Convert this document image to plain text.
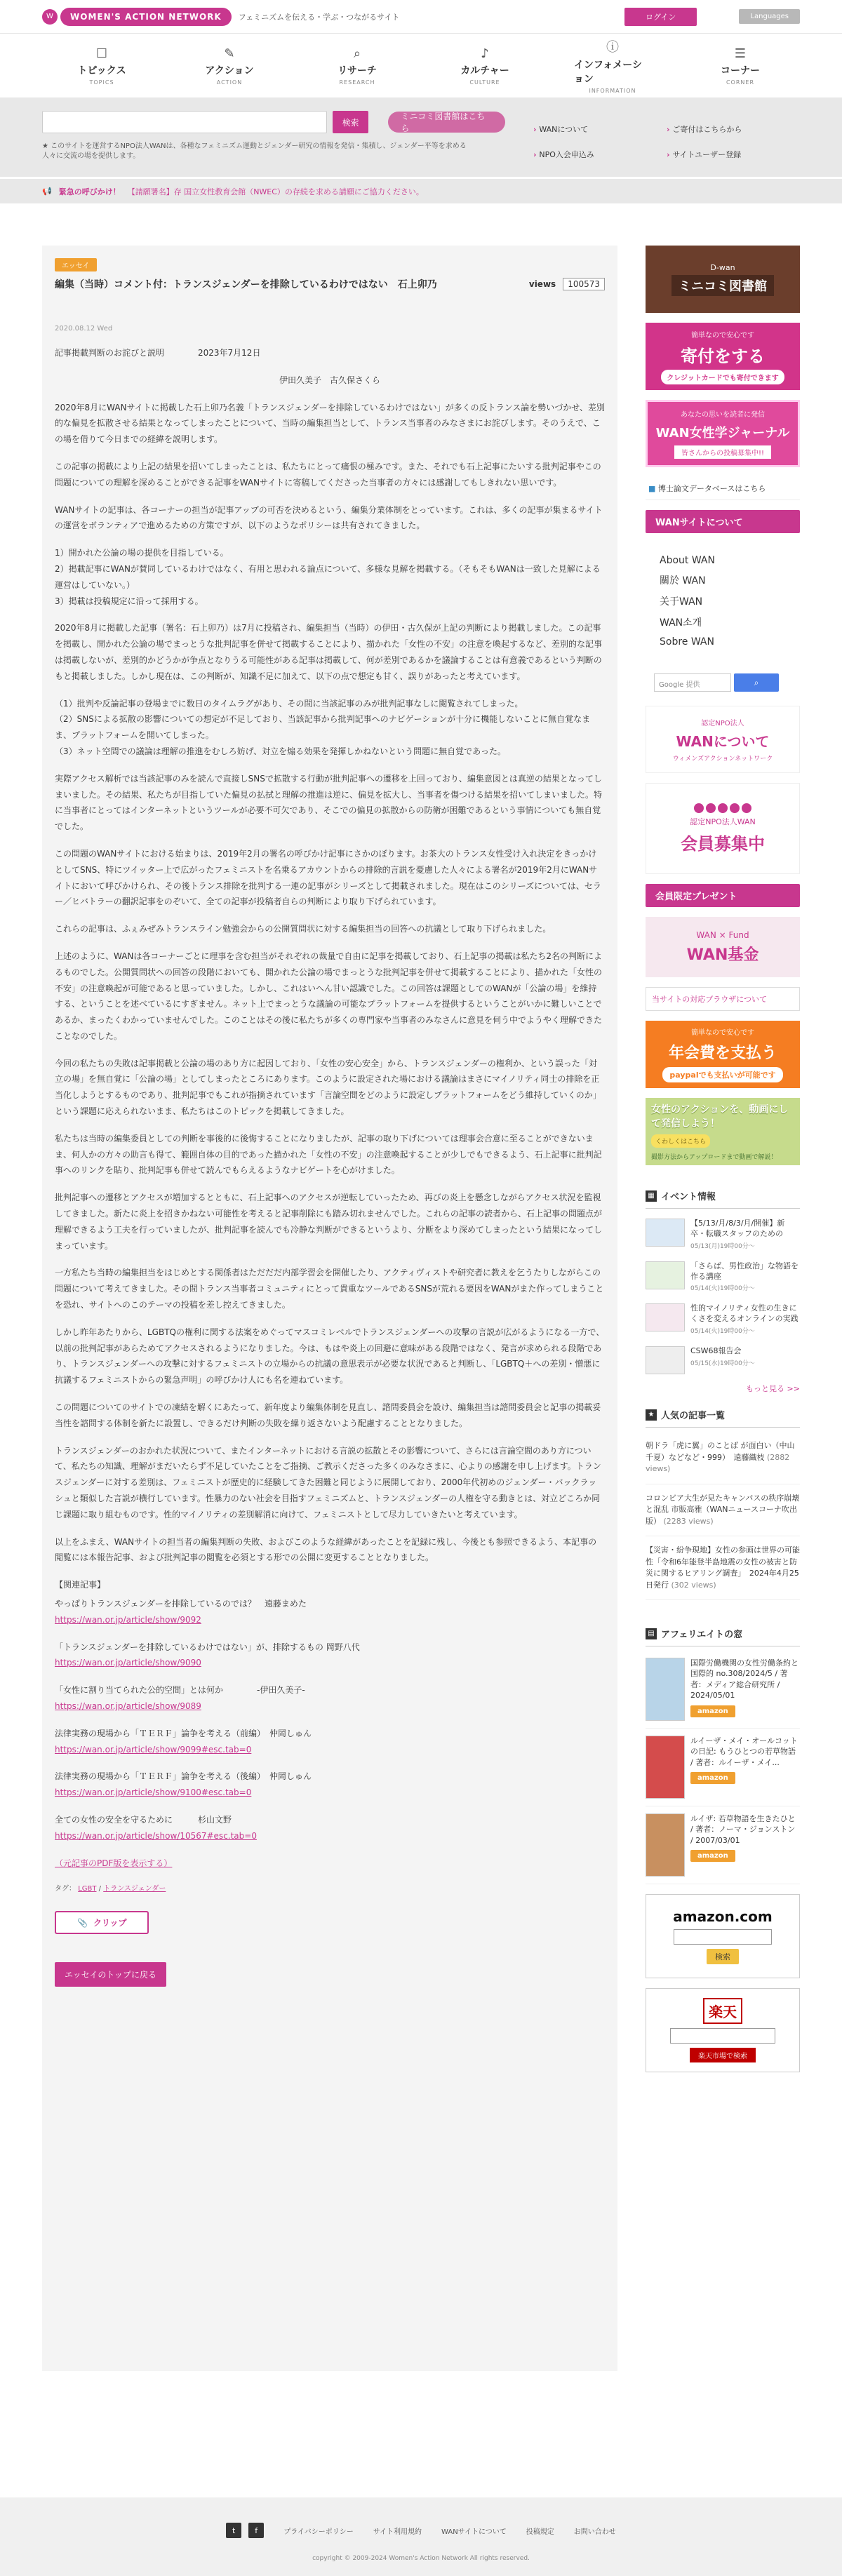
W	WOMEN'S ACTION NETWORK	フェミニズムを伝える・学ぶ・つながるサイト	ログイン	Languages
☐
トピックス
TOPICS
✎
アクション
ACTION
⌕
リサーチ
RESEARCH
♪
カルチャー
CULTURE
ⓘ
インフォメーション
INFORMATION
☰
コーナー
CORNER
検索
ミニコミ図書館はこちら
★ このサイトを運営するNPO法人WANは、各種なフェミニズム運動とジェンダー研究の情報を発信・集積し、ジェンダー平等を求める人々に交流の場を提供します。
› WANについて	› ご寄付はこちらから
› NPO入会申込み	› サイトユーザー登録
📢 緊急の呼びかけ！ 【請願署名】存 国立女性教育会館（NWEC）の存続を求める請願にご協力ください。
エッセイ
編集（当時）コメント付：トランスジェンダーを排除しているわけではない　石上卯乃	views	100573
2020.08.12 Wed

記事掲載判断のお詫びと説明　　　　2023年7月12日

伊田久美子　古久保さくら

2020年8月にWANサイトに掲載した石上卯乃名義「トランスジェンダーを排除しているわけではない」が多くの反トランス論を勢いづかせ、差別的な偏見を拡散させる結果となってしまったことについて、当時の編集担当として、トランス当事者のみなさまにお詫びします。そのうえで、この場を借りて今日までの経緯を説明します。

この記事の掲載により上記の結果を招いてしまったことは、私たちにとって痛恨の極みです。また、それでも石上記事にたいする批判記事やこの問題についての理解を深めることができる記事をWANサイトに寄稿してくださった当事者の方々には感謝してもしきれない思いです。

WANサイトの記事は、各コーナーの担当が記事アップの可否を決めるという、編集分業体制をとっています。これは、多くの記事が集まるサイトの運営をボランティアで進めるための方策ですが、以下のようなポリシーは共有されてきました。

1）開かれた公論の場の提供を目指している。
2）掲載記事にWANが賛同しているわけではなく、有用と思われる論点について、多様な見解を掲載する。（そもそもWANは一致した見解による運営はしていない。）
3）掲載は投稿規定に沿って採用する。

2020年8月に掲載した記事（署名：石上卯乃）は7月に投稿され、編集担当（当時）の伊田・古久保が上記の判断により掲載しました。この記事を掲載し、開かれた公論の場でまっとうな批判記事を併せて掲載することにより、描かれた「女性の不安」の注意を喚起するなど、差別的な記事は掲載しないが、差別的かどうかが争点となりうる可能性がある記事は掲載して、何が差別であるかを議論することは有意義であるという判断のもと掲載しました。しかし現在は、この判断が、知識不足に加えて、以下の点で想定も甘く、誤りがあったと考えています。

（1）批判や反論記事の登場までに数日のタイムラグがあり、その間に当該記事のみが批判記事なしに閲覧されてしまった。
（2）SNSによる拡散の影響についての想定が不足しており、当該記事から批判記事へのナビゲーションが十分に機能しないことに無自覚なまま、プラットフォームを開いてしまった。
（3）ネット空間での議論は理解の推進をむしろ妨げ、対立を煽る効果を発揮しかねないという問題に無自覚であった。

実際アクセス解析では当該記事のみを読んで直接しSNSで拡散する行動が批判記事への遷移を上回っており、編集意図とは真逆の結果となってしまいました。その結果、私たちが目指していた偏見の払拭と理解の推進は逆に、偏見を拡大し、当事者を傷つける結果を招いてしまいました。特に当事者にとってはインターネットというツールが必要不可欠であり、そこでの偏見の拡散からの防衛が困難であるという事情についても無自覚でした。

この問題のWANサイトにおける始まりは、2019年2月の署名の呼びかけ記事にさかのぼります。お茶大のトランス女性受け入れ決定をきっかけとしてSNS、特にツイッター上で広がったフェミニストを名乗るアカウントからの排除的言説を憂慮した人々による署名が2019年2月にWANサイトにおいて呼びかけられ、その後トランス排除を批判する一連の記事がシリーズとして掲載されました。現在はこのシリーズについては、セラー／ヒバトラーの翻訳記事をのぞいて、全ての記事が投稿者自らの判断により取り下げられています。

これらの記事は、ふぇみぜみトランスライン勉強会からの公開質問状に対する編集担当の回答への抗議として取り下げられました。

上述のように、WANは各コーナーごとに理事を含む担当がそれぞれの裁量で自由に記事を掲載しており、石上記事の掲載は私たち2名の判断によるものでした。公開質問状への回答の段階においても、開かれた公論の場でまっとうな批判記事を併せて掲載することにより、描かれた「女性の不安」の注意喚起が可能であると思っていました。しかし、これはいへん甘い認識でした。この回答は課題としてのWANが「公論の場」を維持する、ということを述べているにすぎません。ネット上でまっとうな議論の可能なプラットフォームを提供するということがいかに難しいことであるか、まったくわかっていませんでした。このことはその後に私たちが多くの専門家や当事者のみなさんに意見を伺う中でようやく理解できたことなのでした。

今回の私たちの失敗は記事掲載と公論の場のあり方に起因しており、「女性の安心安全」から、トランスジェンダーの権利か、という誤った「対立の場」を無自覚に「公論の場」としてしまったところにあります。このように設定された場における議論はまさにマイノリティ同士の排除を正当化しようとするものであり、批判記事でもこれが指摘されています「言論空間をどのように設定しプラットフォームをどう維持していくのか」という課題に応えられないまま、私たちはこのトピックを掲載してきました。

私たちは当時の編集委員としての判断を事後的に後悔することになりましたが、記事の取り下げについては理事会合意に至ることができないまま、何人かの方々の助言も得て、範囲自体の目的であった描かれた「女性の不安」の注意喚起することが少しでもできるよう、石上記事に批判記事へのリンクを貼り、批判記事も併せて読んでもらえるようなナビゲートを心がけました。

批判記事への遷移とアクセスが増加するとともに、石上記事へのアクセスが逆転していったため、再びの炎上を懸念しながらアクセス状況を監視してきました。新たに炎上を招きかねない可能性を考えると記事削除にも踏み切れませんでした。これらの記事の読者から、石上記事の問題点が理解できるよう工夫を行っていましたが、批判記事を読んでも冷静な判断ができるというより、分断をより深めてしまったという結果になってしまっています。

一方私たち当時の編集担当をはじめとする関係者はただだだ内部学習会を開催したり、アクティヴィストや研究者に教えを乞うたりしながらこの問題について考えてきました。その間トランス当事者コミュニティにとって貴重なツールであるSNSが荒れる要因をWANがまた作ってしまうことを恐れ、サイトへのこのテーマの投稿を差し控えてきました。

しかし昨年あたりから、LGBTQの権利に関する法案をめぐってマスコミレベルでトランスジェンダーへの攻撃の言説が広がるようになる一方で、以前の批判記事があらためてアクセスされるようになりました。今は、もはや炎上の回避に意味がある段階ではなく、発言が求められる段階であり、トランスジェンダーへの攻撃に対するフェミニストの立場からの抗議の意思表示が必要な状況であると判断し、「LGBTQ＋への差別・憎悪に抗議するフェミニストからの緊急声明」の呼びかけ人にも名を連ねています。

この問題についてのサイトでの凍結を解くにあたって、新年度より編集体制を見直し、諮問委員会を設け、編集担当は諮問委員会と記事の掲載妥当性を諮問する体制を新たに設置し、できるだけ判断の失敗を繰り返さないよう配慮することとなりました。

トランスジェンダーのおかれた状況について、またインターネットにおける言説の拡散とその影響について、さらには言論空間のあり方について、私たちの知識、理解がまだいたらず不足していたことをご指摘、ご教示くださった多くのみなさまに、心よりの感謝を申し上げます。トランスジェンダーに対する差別は、フェミニストが歴史的に経験してきた困難と同じように展開しており、2000年代初めのジェンダー・バックラッシュと類似した言説が横行しています。性暴力のない社会を目指すフェミニズムと、トランスジェンダーの人権を守る動きとは、対立どころか同じ課題に取り組むものです。性的マイノリティの差別解消に向けて、フェミニストとして尽力していきたいと考えています。

以上をふまえ、WANサイトの担当者の編集判断の失敗、およびこのような経緯があったことを記録に残し、今後とも参照できるよう、本記事の閲覧には本報告記事、および批判記事の閲覧を必須とする形での公開に変更することとなりました。

【関連記事】

やっぱりトランスジェンダーを排除しているのでは？　遠藤まめた
https://wan.or.jp/article/show/9092

「トランスジェンダーを排除しているわけではない」が、排除するもの 岡野八代
https://wan.or.jp/article/show/9090

「女性に割り当てられた公的空間」とは何か　　　　-伊田久美子-
https://wan.or.jp/article/show/9089

法律実務の現場から「ＴＥＲＦ」論争を考える（前編）　仲岡しゅん
https://wan.or.jp/article/show/9099#esc.tab=0

法律実務の現場から「ＴＥＲＦ」論争を考える（後編）　仲岡しゅん
https://wan.or.jp/article/show/9100#esc.tab=0

全ての女性の安全を守るために　　　杉山文野
https://wan.or.jp/article/show/10567#esc.tab=0

（元記事のPDF版を表示する）

タグ： LGBT / トランスジェンダー
📎 クリップ
エッセイのトップに戻る
D-wan
ミニコミ図書館
簡単なので安心です
寄付をする
クレジットカードでも寄付できます
あなたの思いを読者に発信
WAN女性学ジャーナル
皆さんからの投稿募集中!!
■ 博士論文データベースはこちら
WANサイトについて
About WAN
關於 WAN
关于WAN
WAN소개
Sobre WAN
Google 提供	⌕
認定NPO法人
WANについて
ウィメンズアクションネットワーク
認定NPO法人WAN
会員募集中
会員限定プレゼント
WAN × Fund
WAN基金
当サイトの対応ブラウザについて
簡単なので安心です
年会費を支払う
paypalでも支払いが可能です
女性のアクションを、動画にして発信しよう！
くわしくはこちら
撮影方法からアップロードまで動画で解説！
▦ イベント情報
【5/13/月/8/3/月/開催】新卒・転職スタッフのための
05/13(月)19時00分〜
「さらば、男性政治」な物語を作る講座
05/14(火)19時00分〜
性的マイノリティ女性の生きにくさを変えるオンラインの実践
05/14(火)19時00分〜
CSW68報告会
05/15(水)19時00分〜
もっと見る >>
★ 人気の記事一覧
朝ドラ「虎に翼」のことば が面白い（中山千夏）などなど・999）　遠藤織枝 (2882 views)
コロンビア大生が見たキャンパスの秩序崩壊と混乱 市販高雅（WANニュースコーナ吹出版） (2283 views)
【災害・紛争現地】女性の参画は世界の可能性「令和6年能登半島地震の女性の被害と防災に関するヒアリング調査」　2024年4月25日発行 (302 views)
▤ アフェリエイトの窓
国際労働機関の女性労働条約と国際的 no.308/2024/5 / 著者：メディア総合研究所 / 2024/05/01
amazon
ルイーザ・メイ・オールコットの日記: もうひとつの若草物語 / 著者：ルイーザ・メイ...
amazon
ルイザ: 若草物語を生きたひと / 著者：ノーマ・ジョンストン / 2007/03/01
amazon
amazon.com
検索
楽天
楽天市場で検索
t	f	プライバシーポリシー	サイト利用規約	WANサイトについて	投稿規定	お問い合わせ
copyright © 2009-2024 Women's Action Network All rights reserved.
